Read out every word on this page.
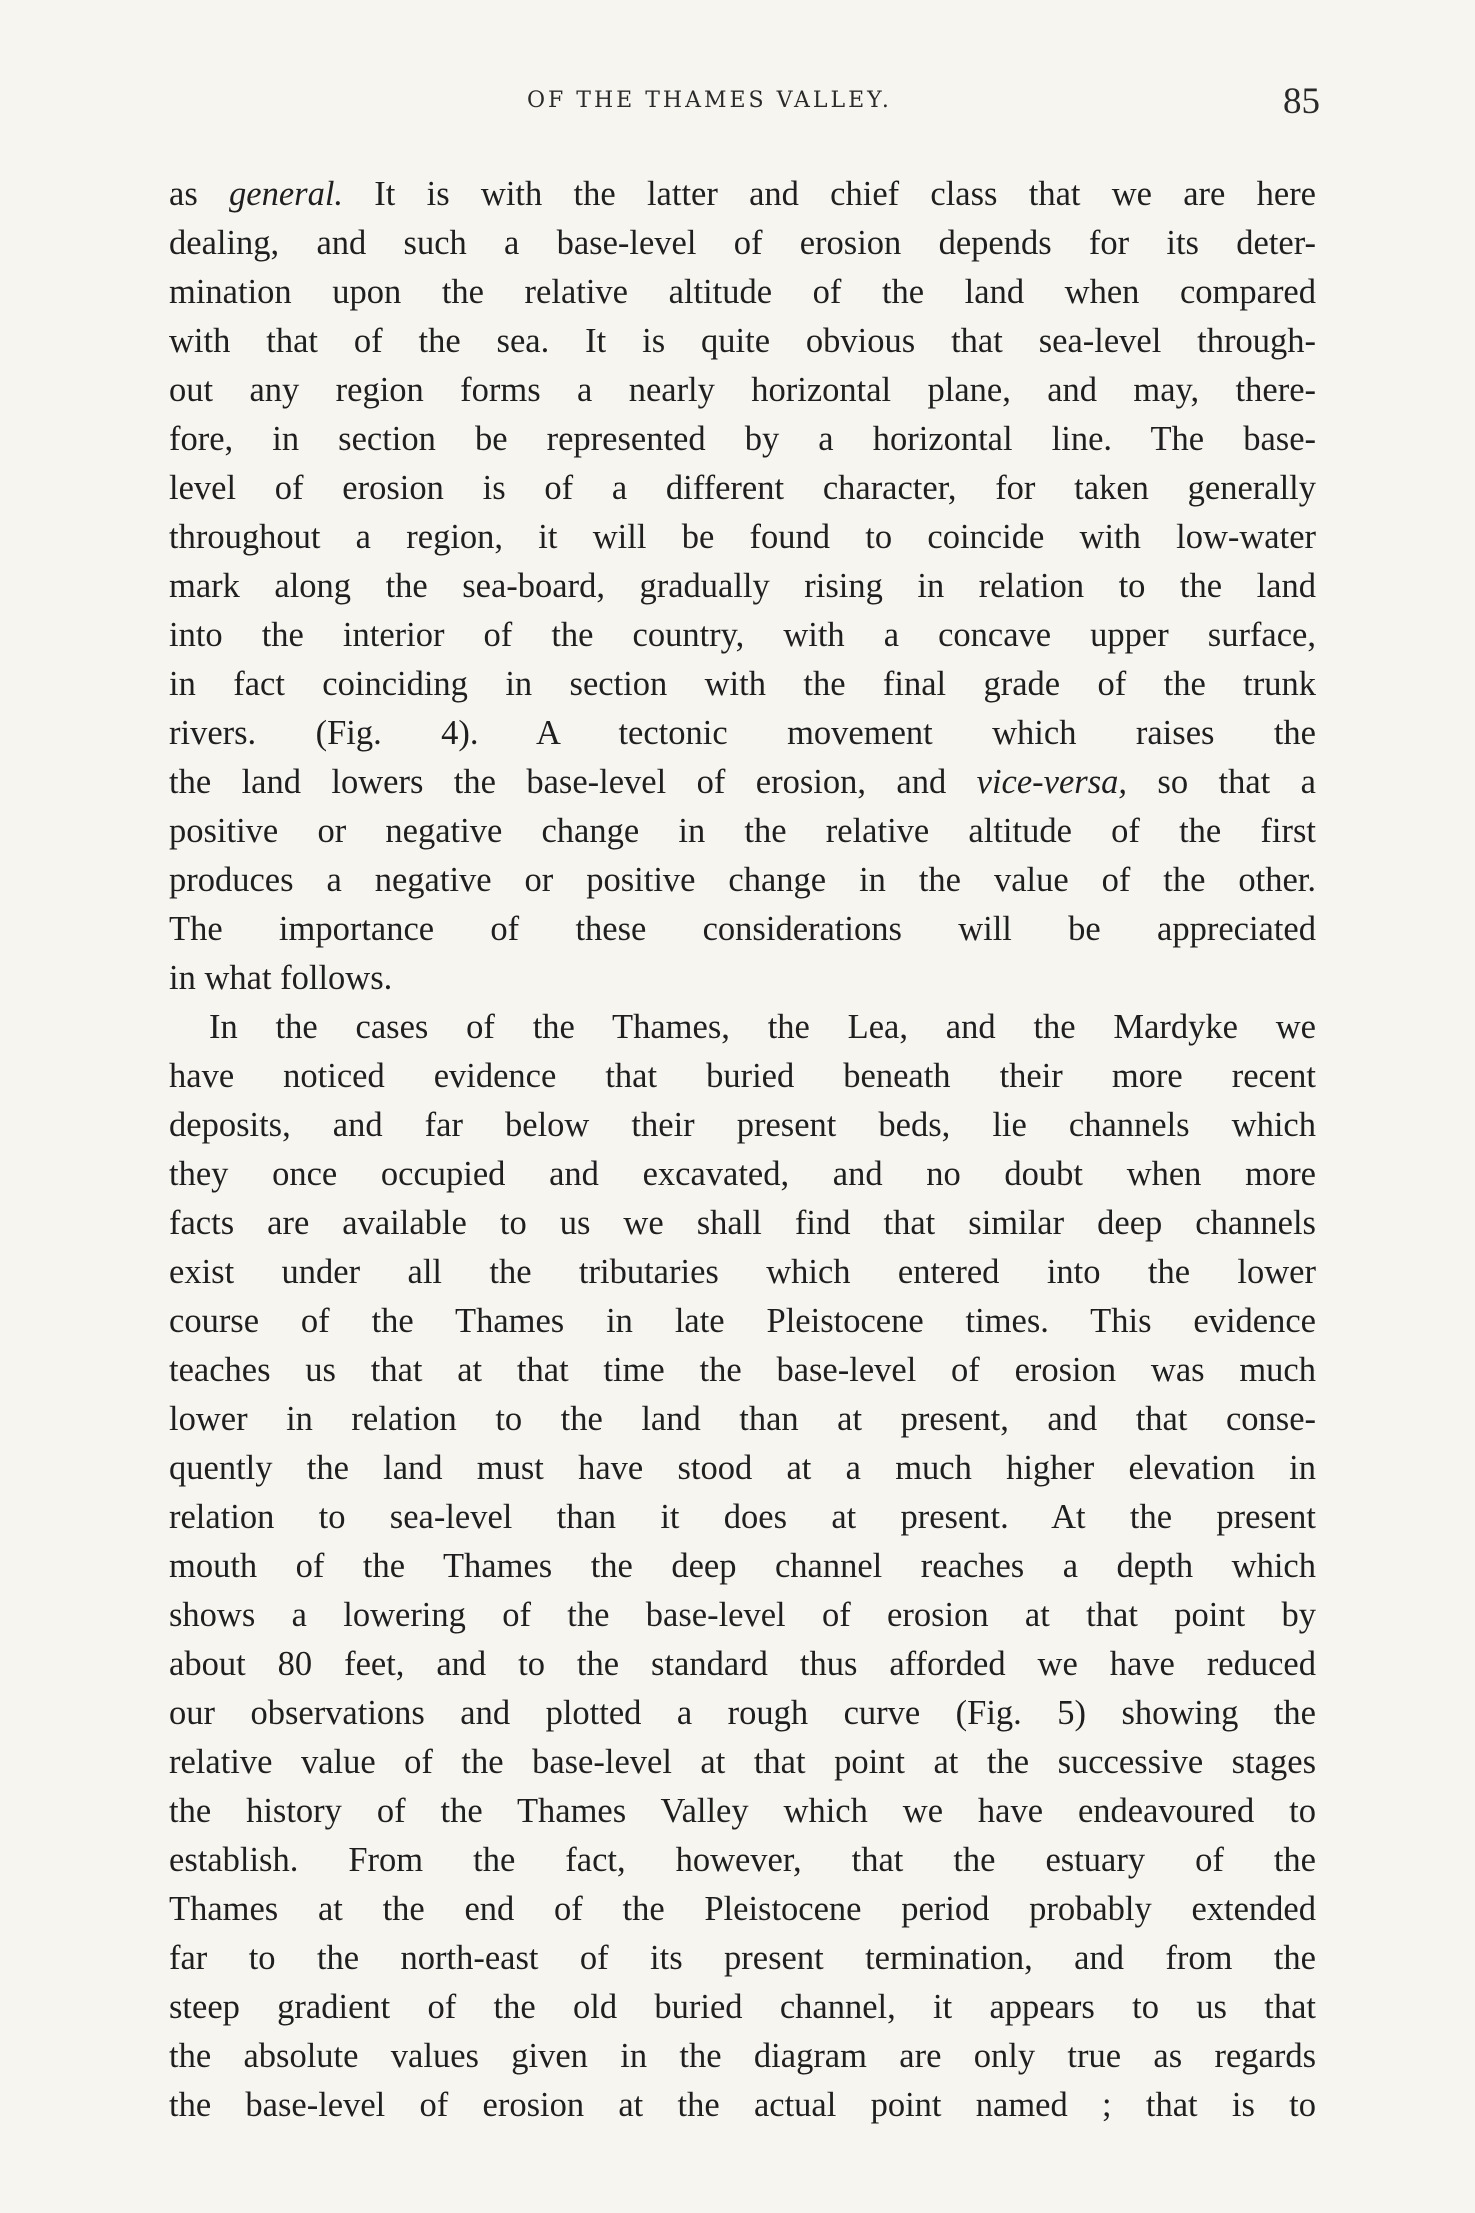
OF THE THAMES VALLEY.	85
as general. It is with the latter and chief class that we are here
dealing, and such a base-level of erosion depends for its deter-
mination upon the relative altitude of the land when compared
with that of the sea. It is quite obvious that sea-level through-
out any region forms a nearly horizontal plane, and may, there-
fore, in section be represented by a horizontal line. The base-
level of erosion is of a different character, for taken generally
throughout a region, it will be found to coincide with low-water
mark along the sea-board, gradually rising in relation to the land
into the interior of the country, with a concave upper surface,
in fact coinciding in section with the final grade of the trunk
rivers. (Fig. 4). A tectonic movement which raises the
the land lowers the base-level of erosion, and vice-versa, so that a
positive or negative change in the relative altitude of the first
produces a negative or positive change in the value of the other.
The importance of these considerations will be appreciated
in what follows.
In the cases of the Thames, the Lea, and the Mardyke we
have noticed evidence that buried beneath their more recent
deposits, and far below their present beds, lie channels which
they once occupied and excavated, and no doubt when more
facts are available to us we shall find that similar deep channels
exist under all the tributaries which entered into the lower
course of the Thames in late Pleistocene times. This evidence
teaches us that at that time the base-level of erosion was much
lower in relation to the land than at present, and that conse-
quently the land must have stood at a much higher elevation in
relation to sea-level than it does at present. At the present
mouth of the Thames the deep channel reaches a depth which
shows a lowering of the base-level of erosion at that point by
about 80 feet, and to the standard thus afforded we have reduced
our observations and plotted a rough curve (Fig. 5) showing the
relative value of the base-level at that point at the successive stages
the history of the Thames Valley which we have endeavoured to
establish. From the fact, however, that the estuary of the
Thames at the end of the Pleistocene period probably extended
far to the north-east of its present termination, and from the
steep gradient of the old buried channel, it appears to us that
the absolute values given in the diagram are only true as regards
the base-level of erosion at the actual point named ; that is to
